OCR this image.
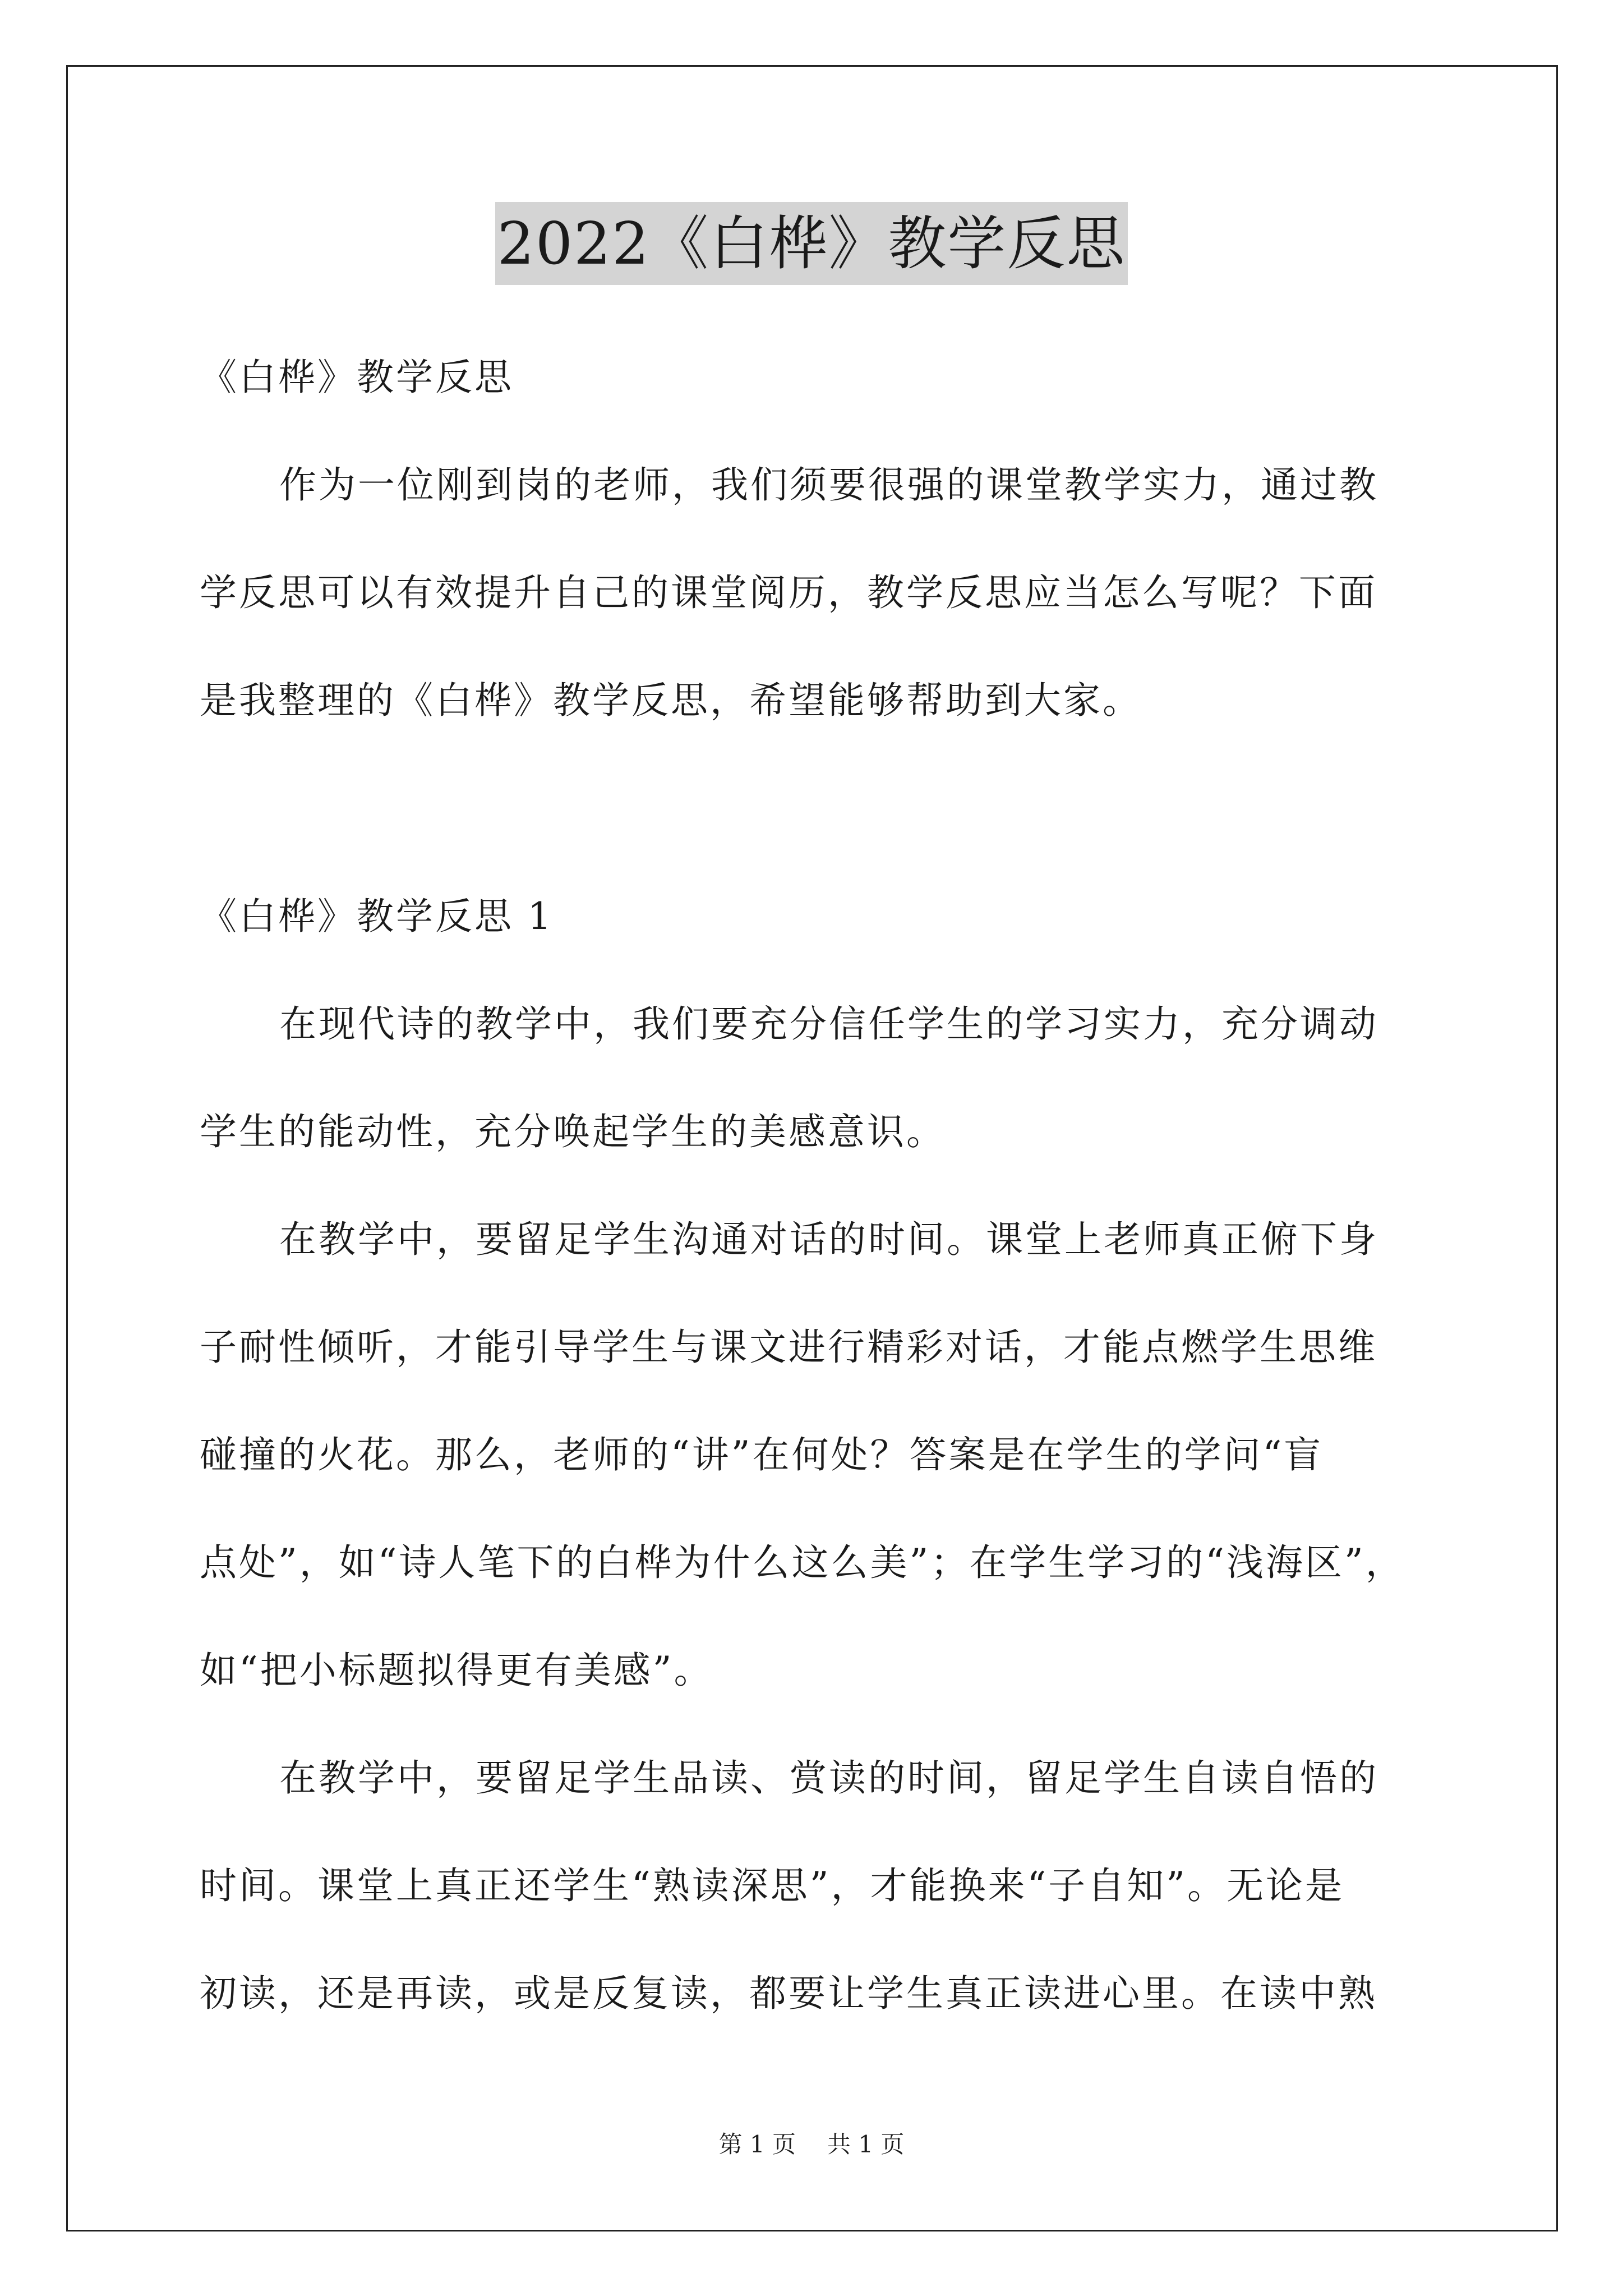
2022《白桦》教学反思
《白桦》教学反思
作为一位刚到岗的老师，我们须要很强的课堂教学实力，通过教
学反思可以有效提升自己的课堂阅历，教学反思应当怎么写呢？下面
是我整理的《白桦》教学反思，希望能够帮助到大家。
《白桦》教学反思 1
在现代诗的教学中，我们要充分信任学生的学习实力，充分调动
学生的能动性，充分唤起学生的美感意识。
在教学中，要留足学生沟通对话的时间。课堂上老师真正俯下身
子耐性倾听，才能引导学生与课文进行精彩对话，才能点燃学生思维
碰撞的火花。那么，老师的“讲”在何处？答案是在学生的学问“盲
点处”，如“诗人笔下的白桦为什么这么美”；在学生学习的“浅海区”，
如“把小标题拟得更有美感”。
在教学中，要留足学生品读、赏读的时间，留足学生自读自悟的
时间。课堂上真正还学生“熟读深思”，才能换来“子自知”。无论是
初读，还是再读，或是反复读，都要让学生真正读进心里。在读中熟
第 1 页 共 1 页
